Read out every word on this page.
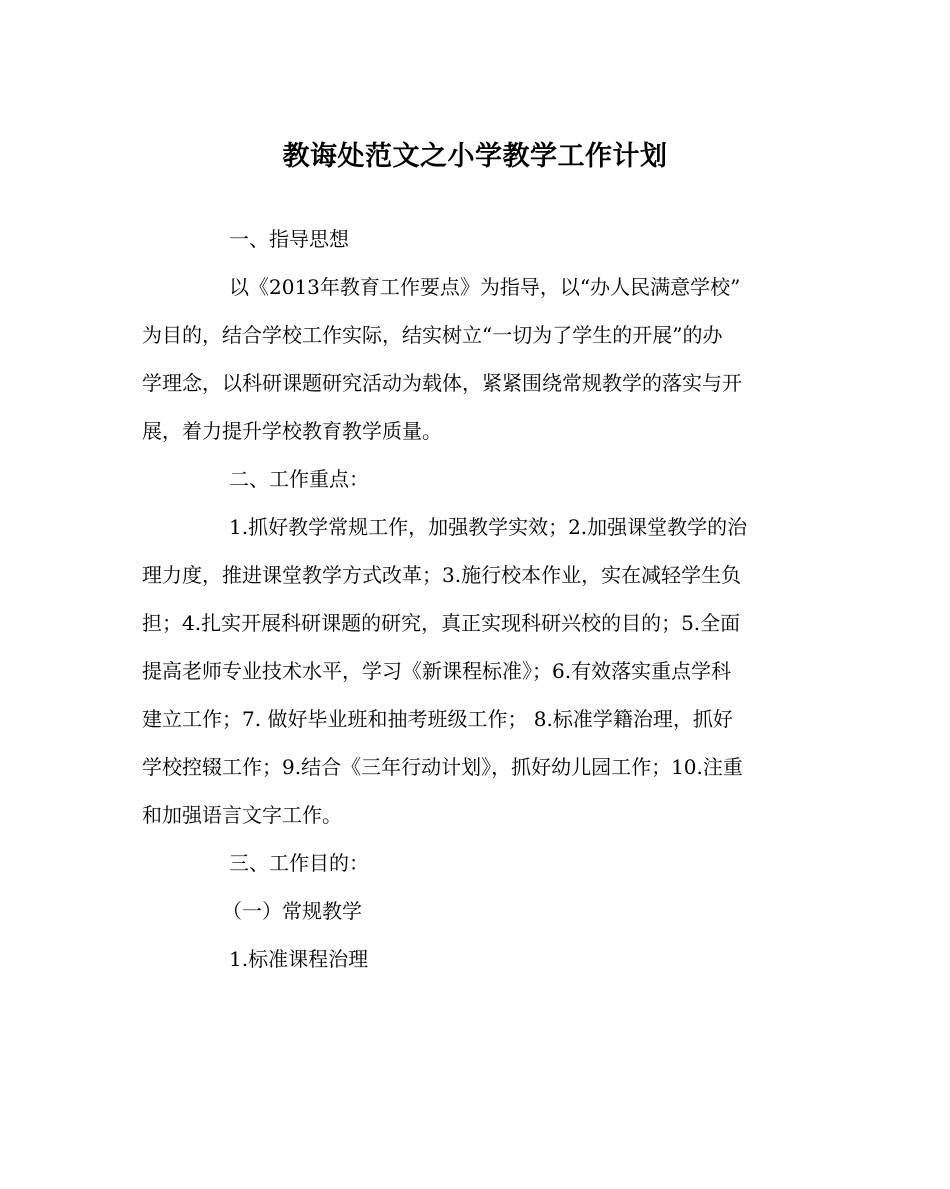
教诲处范文之小学教学工作计划
一、指导思想
以《2013年教育工作要点》为指导，以“办人民满意学校”
为目的，结合学校工作实际，结实树立“一切为了学生的开展”的办
学理念，以科研课题研究活动为载体，紧紧围绕常规教学的落实与开
展，着力提升学校教育教学质量。
二、工作重点：
1.抓好教学常规工作，加强教学实效；2.加强课堂教学的治
理力度，推进课堂教学方式改革；3.施行校本作业，实在减轻学生负
担；4.扎实开展科研课题的研究，真正实现科研兴校的目的；5.全面
提高老师专业技术水平，学习《新课程标准》；6.有效落实重点学科
建立工作；7. 做好毕业班和抽考班级工作； 8.标准学籍治理，抓好
学校控辍工作；9.结合《三年行动计划》，抓好幼儿园工作；10.注重
和加强语言文字工作。
三、工作目的：
（一）常规教学
1.标准课程治理
